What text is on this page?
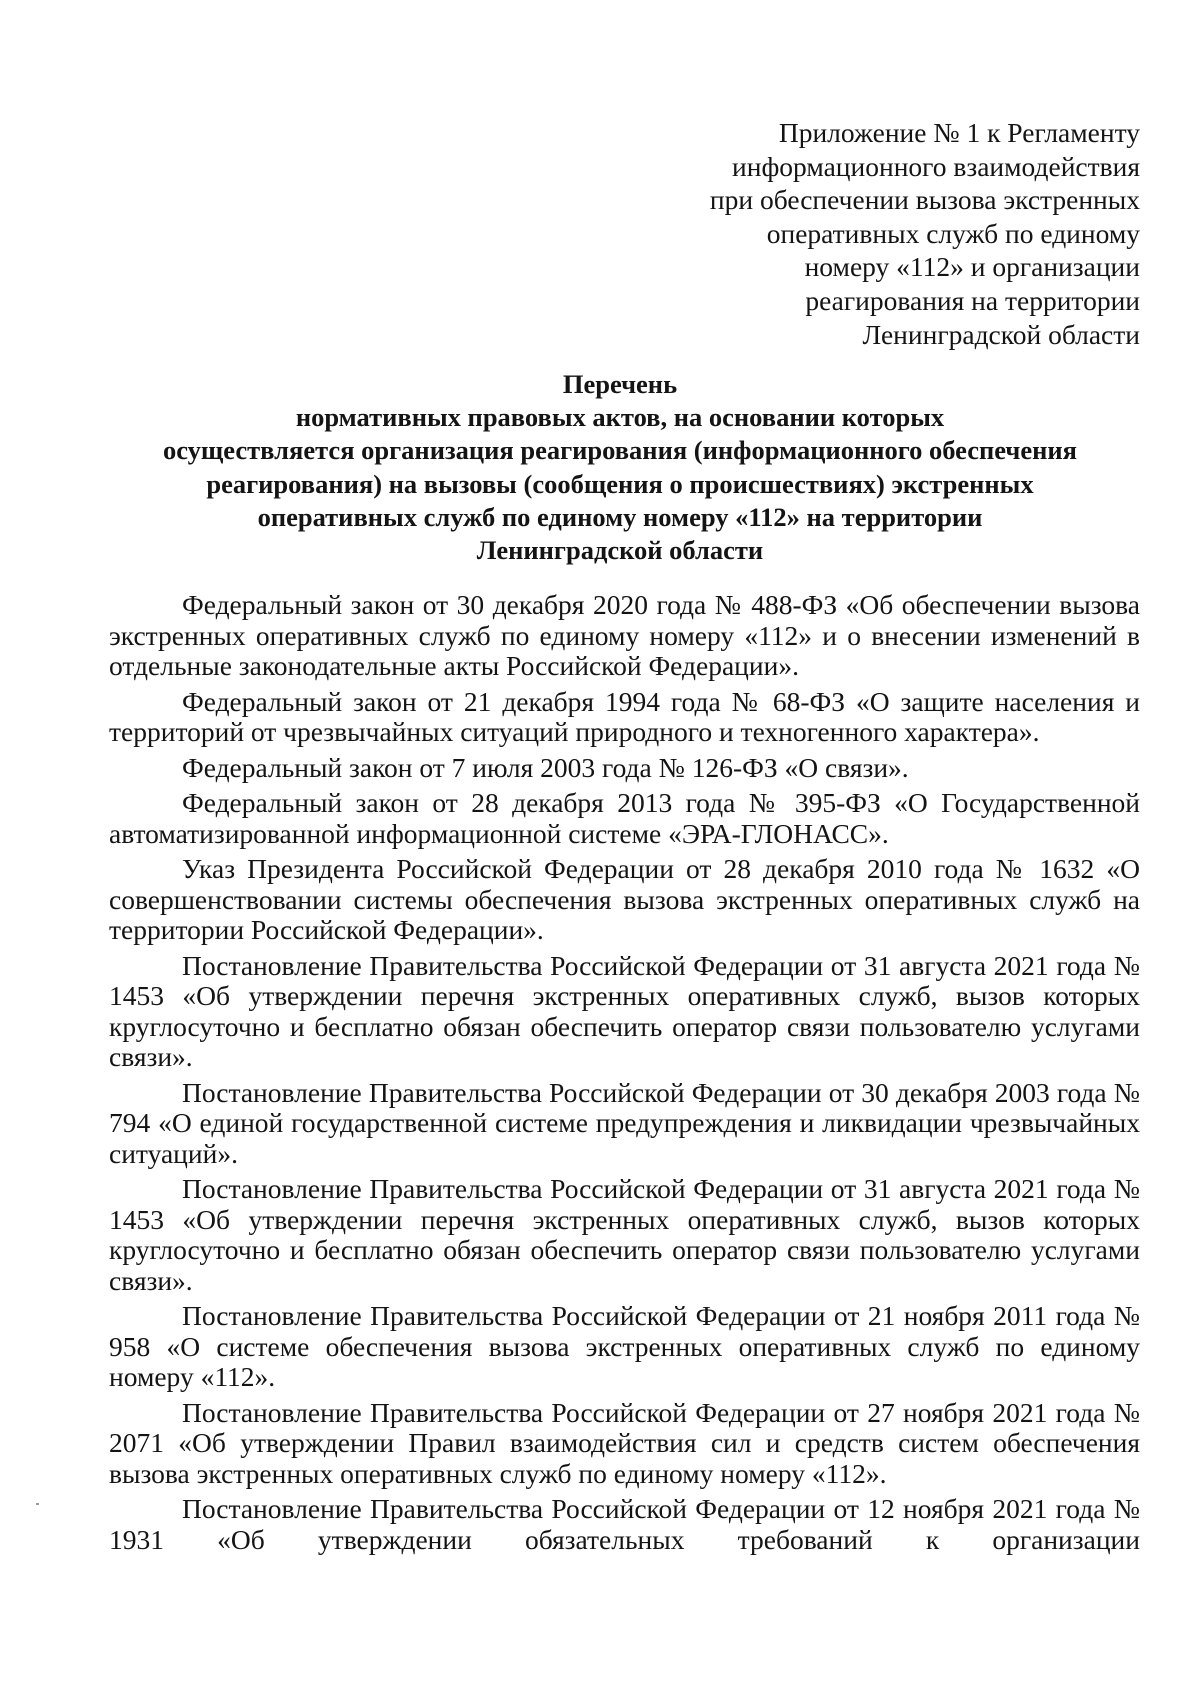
Приложение № 1 к Регламенту
информационного взаимодействия
при обеспечении вызова экстренных
оперативных служб по единому
номеру «112» и организации
реагирования на территории
Ленинградской области
Перечень
нормативных правовых актов, на основании которых
осуществляется организация реагирования (информационного обеспечения
реагирования) на вызовы (сообщения о происшествиях) экстренных
оперативных служб по единому номеру «112» на территории
Ленинградской области

Федеральный закон от 30 декабря 2020 года № 488-ФЗ «Об обеспечении вызова экстренных оперативных служб по единому номеру «112» и о внесении изменений в отдельные законодательные акты Российской Федерации».

Федеральный закон от 21 декабря 1994 года № 68-ФЗ «О защите населения и территорий от чрезвычайных ситуаций природного и техногенного характера».

Федеральный закон от 7 июля 2003 года № 126-ФЗ «О связи».

Федеральный закон от 28 декабря 2013 года № 395-ФЗ «О Государственной автоматизированной информационной системе «ЭРА-ГЛОНАСС».

Указ Президента Российской Федерации от 28 декабря 2010 года № 1632 «О совершенствовании системы обеспечения вызова экстренных оперативных служб на территории Российской Федерации».

Постановление Правительства Российской Федерации от 31 августа 2021 года № 1453 «Об утверждении перечня экстренных оперативных служб, вызов которых круглосуточно и бесплатно обязан обеспечить оператор связи пользователю услугами связи».

Постановление Правительства Российской Федерации от 30 декабря 2003 года № 794 «О единой государственной системе предупреждения и ликвидации чрезвычайных ситуаций».

Постановление Правительства Российской Федерации от 31 августа 2021 года № 1453 «Об утверждении перечня экстренных оперативных служб, вызов которых круглосуточно и бесплатно обязан обеспечить оператор связи пользователю услугами связи».

Постановление Правительства Российской Федерации от 21 ноября 2011 года № 958 «О системе обеспечения вызова экстренных оперативных служб по единому номеру «112».

Постановление Правительства Российской Федерации от 27 ноября 2021 года № 2071 «Об утверждении Правил взаимодействия сил и средств систем обеспечения вызова экстренных оперативных служб по единому номеру «112».

Постановление Правительства Российской Федерации от 12 ноября 2021 года № 1931 «Об утверждении обязательных требований к организации
